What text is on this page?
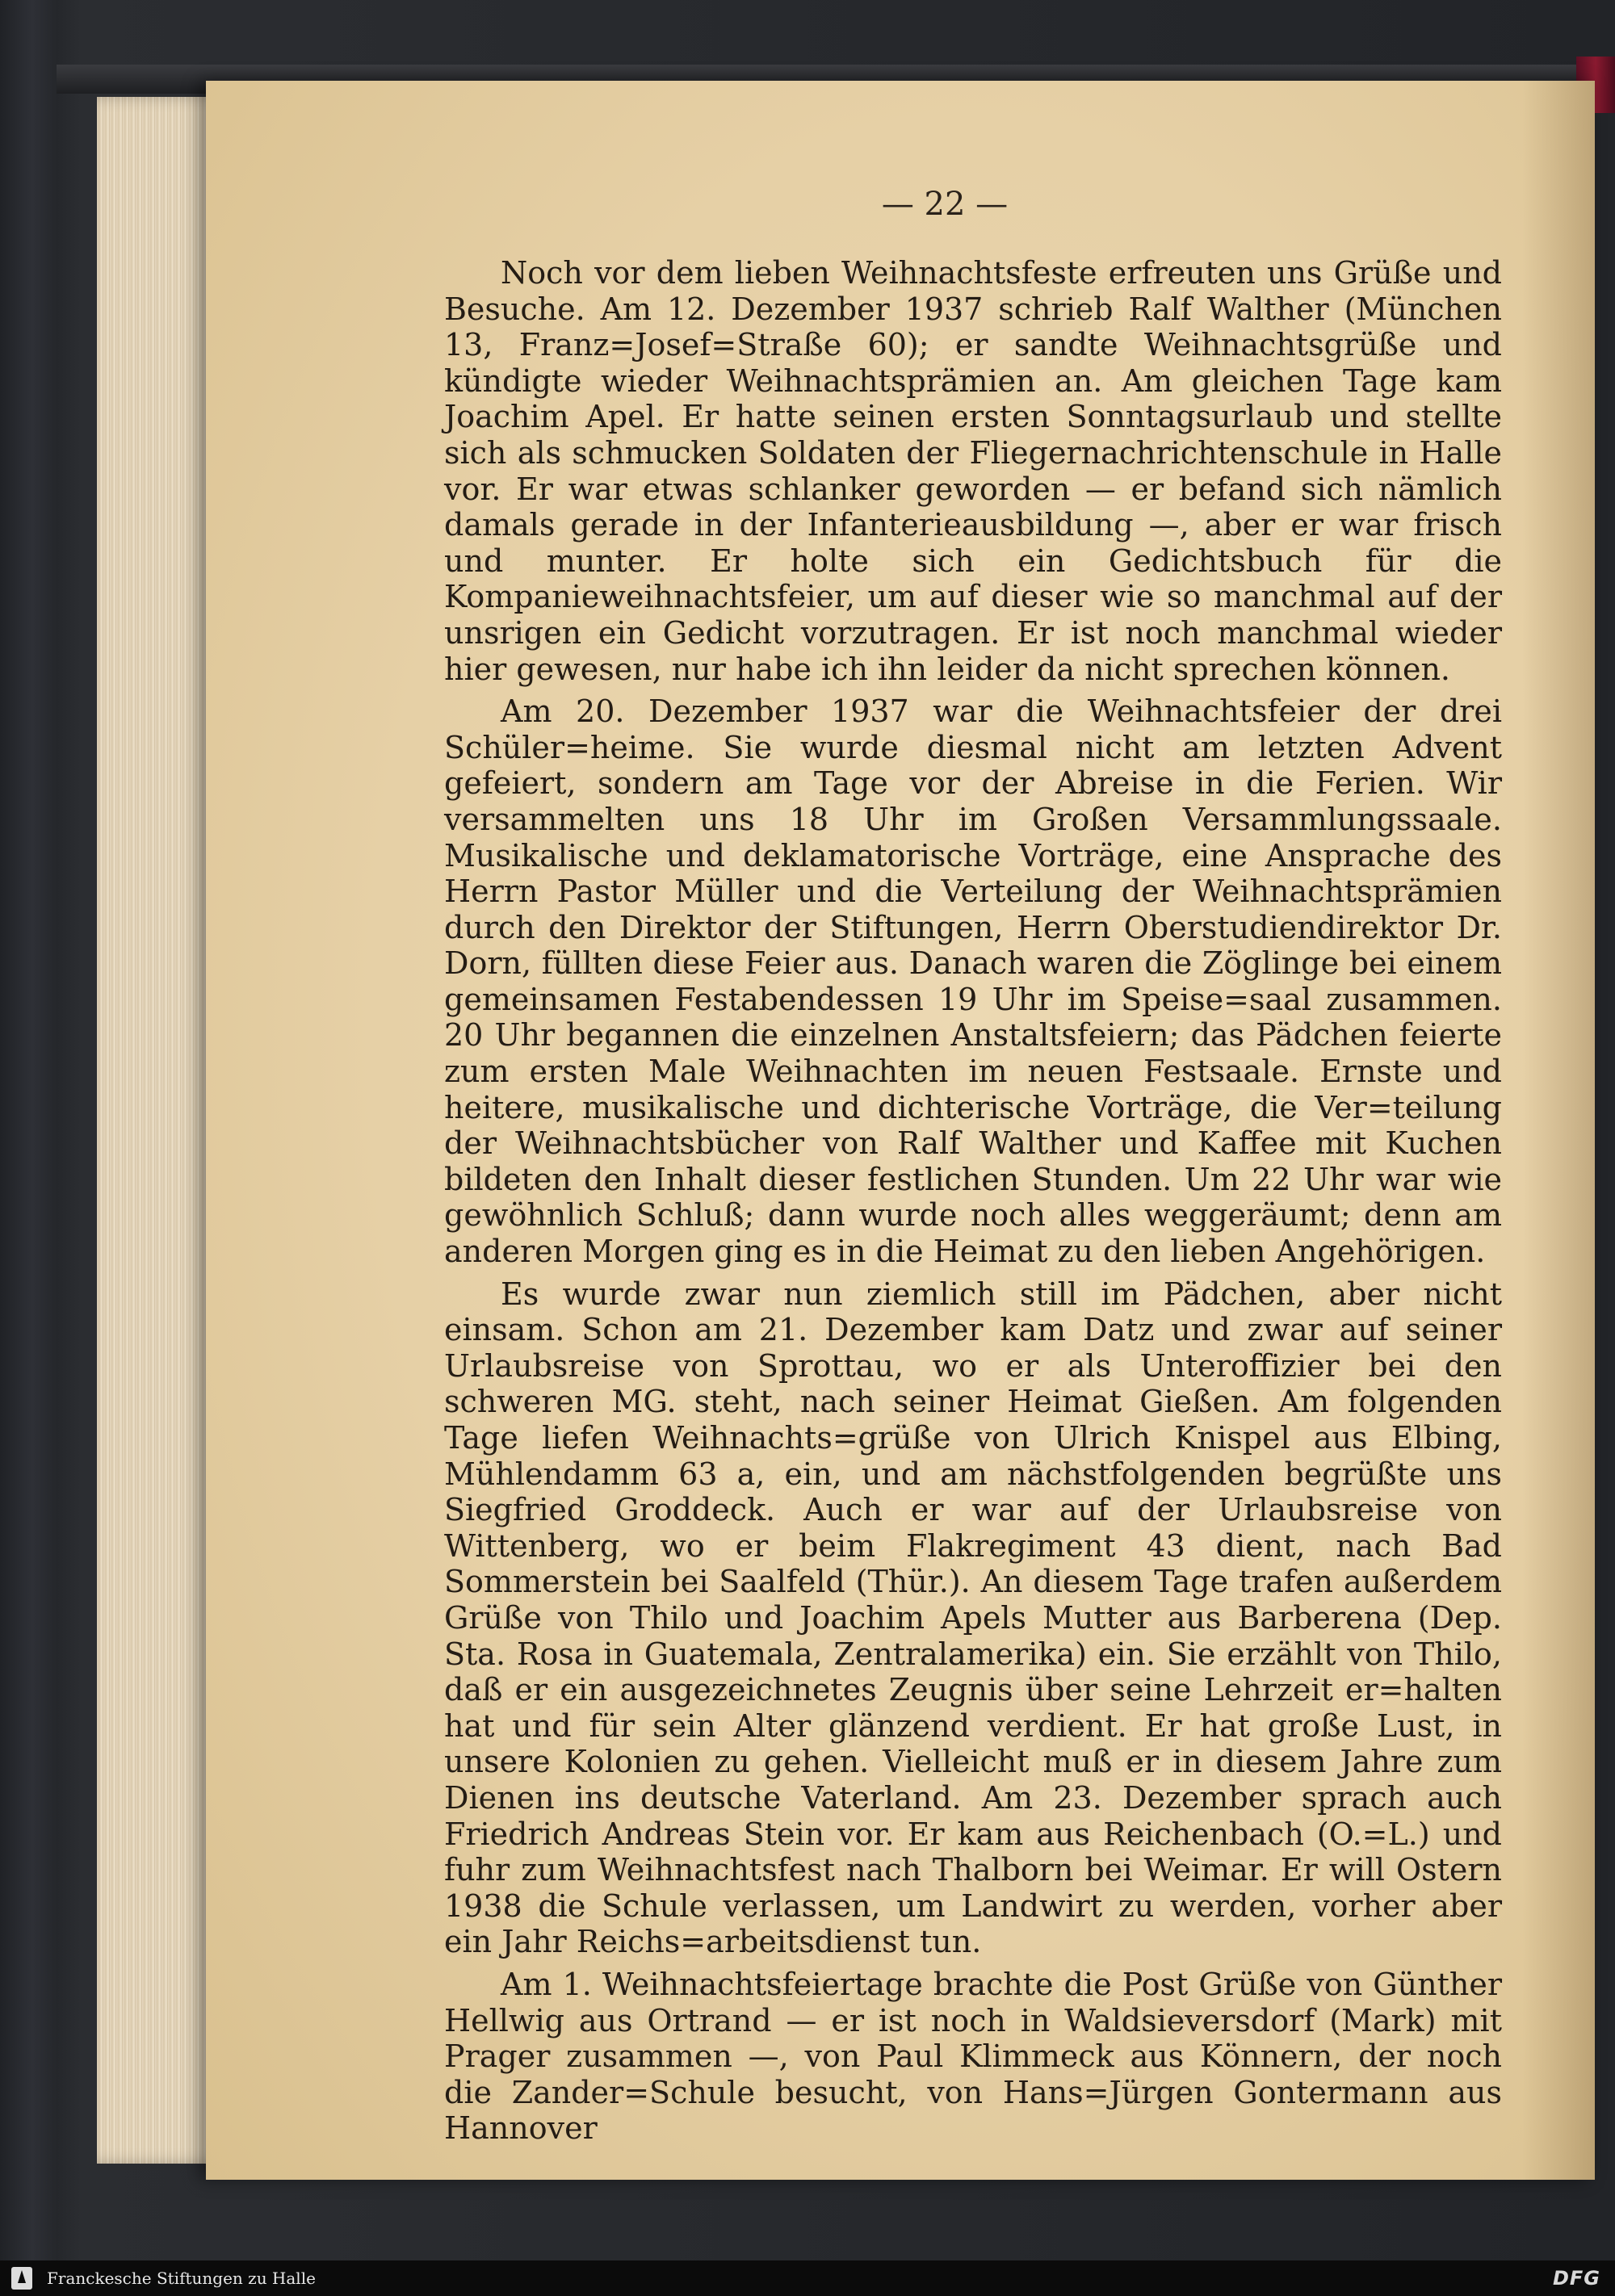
— 22 —

Noch vor dem lieben Weihnachtsfeste erfreuten uns Grüße und Besuche. Am 12. Dezember 1937 schrieb Ralf Walther (München 13, Franz=Josef=Straße 60); er sandte Weihnachtsgrüße und kündigte wieder Weihnachtsprämien an. Am gleichen Tage kam Joachim Apel. Er hatte seinen ersten Sonntagsurlaub und stellte sich als schmucken Soldaten der Fliegernachrichtenschule in Halle vor. Er war etwas schlanker geworden — er befand sich nämlich damals gerade in der Infanterieausbildung —, aber er war frisch und munter. Er holte sich ein Gedichtsbuch für die Kompanieweihnachtsfeier, um auf dieser wie so manchmal auf der unsrigen ein Gedicht vorzutragen. Er ist noch manchmal wieder hier gewesen, nur habe ich ihn leider da nicht sprechen können.

Am 20. Dezember 1937 war die Weihnachtsfeier der drei Schüler=heime. Sie wurde diesmal nicht am letzten Advent gefeiert, sondern am Tage vor der Abreise in die Ferien. Wir versammelten uns 18 Uhr im Großen Versammlungssaale. Musikalische und deklamatorische Vorträge, eine Ansprache des Herrn Pastor Müller und die Verteilung der Weihnachtsprämien durch den Direktor der Stiftungen, Herrn Oberstudiendirektor Dr. Dorn, füllten diese Feier aus. Danach waren die Zöglinge bei einem gemeinsamen Festabendessen 19 Uhr im Speise=saal zusammen. 20 Uhr begannen die einzelnen Anstaltsfeiern; das Pädchen feierte zum ersten Male Weihnachten im neuen Festsaale. Ernste und heitere, musikalische und dichterische Vorträge, die Ver=teilung der Weihnachtsbücher von Ralf Walther und Kaffee mit Kuchen bildeten den Inhalt dieser festlichen Stunden. Um 22 Uhr war wie gewöhnlich Schluß; dann wurde noch alles weggeräumt; denn am anderen Morgen ging es in die Heimat zu den lieben Angehörigen.

Es wurde zwar nun ziemlich still im Pädchen, aber nicht einsam. Schon am 21. Dezember kam Datz und zwar auf seiner Urlaubsreise von Sprottau, wo er als Unteroffizier bei den schweren MG. steht, nach seiner Heimat Gießen. Am folgenden Tage liefen Weihnachts=grüße von Ulrich Knispel aus Elbing, Mühlendamm 63 a, ein, und am nächstfolgenden begrüßte uns Siegfried Groddeck. Auch er war auf der Urlaubsreise von Wittenberg, wo er beim Flakregiment 43 dient, nach Bad Sommerstein bei Saalfeld (Thür.). An diesem Tage trafen außerdem Grüße von Thilo und Joachim Apels Mutter aus Barberena (Dep. Sta. Rosa in Guatemala, Zentralamerika) ein. Sie erzählt von Thilo, daß er ein ausgezeichnetes Zeugnis über seine Lehrzeit er=halten hat und für sein Alter glänzend verdient. Er hat große Lust, in unsere Kolonien zu gehen. Vielleicht muß er in diesem Jahre zum Dienen ins deutsche Vaterland. Am 23. Dezember sprach auch Friedrich Andreas Stein vor. Er kam aus Reichenbach (O.=L.) und fuhr zum Weihnachtsfest nach Thalborn bei Weimar. Er will Ostern 1938 die Schule verlassen, um Landwirt zu werden, vorher aber ein Jahr Reichs=arbeitsdienst tun.

Am 1. Weihnachtsfeiertage brachte die Post Grüße von Günther Hellwig aus Ortrand — er ist noch in Waldsieversdorf (Mark) mit Prager zusammen —, von Paul Klimmeck aus Könnern, der noch die Zander=Schule besucht, von Hans=Jürgen Gontermann aus Hannover

Franckesche Stiftungen zu Halle	DFG
